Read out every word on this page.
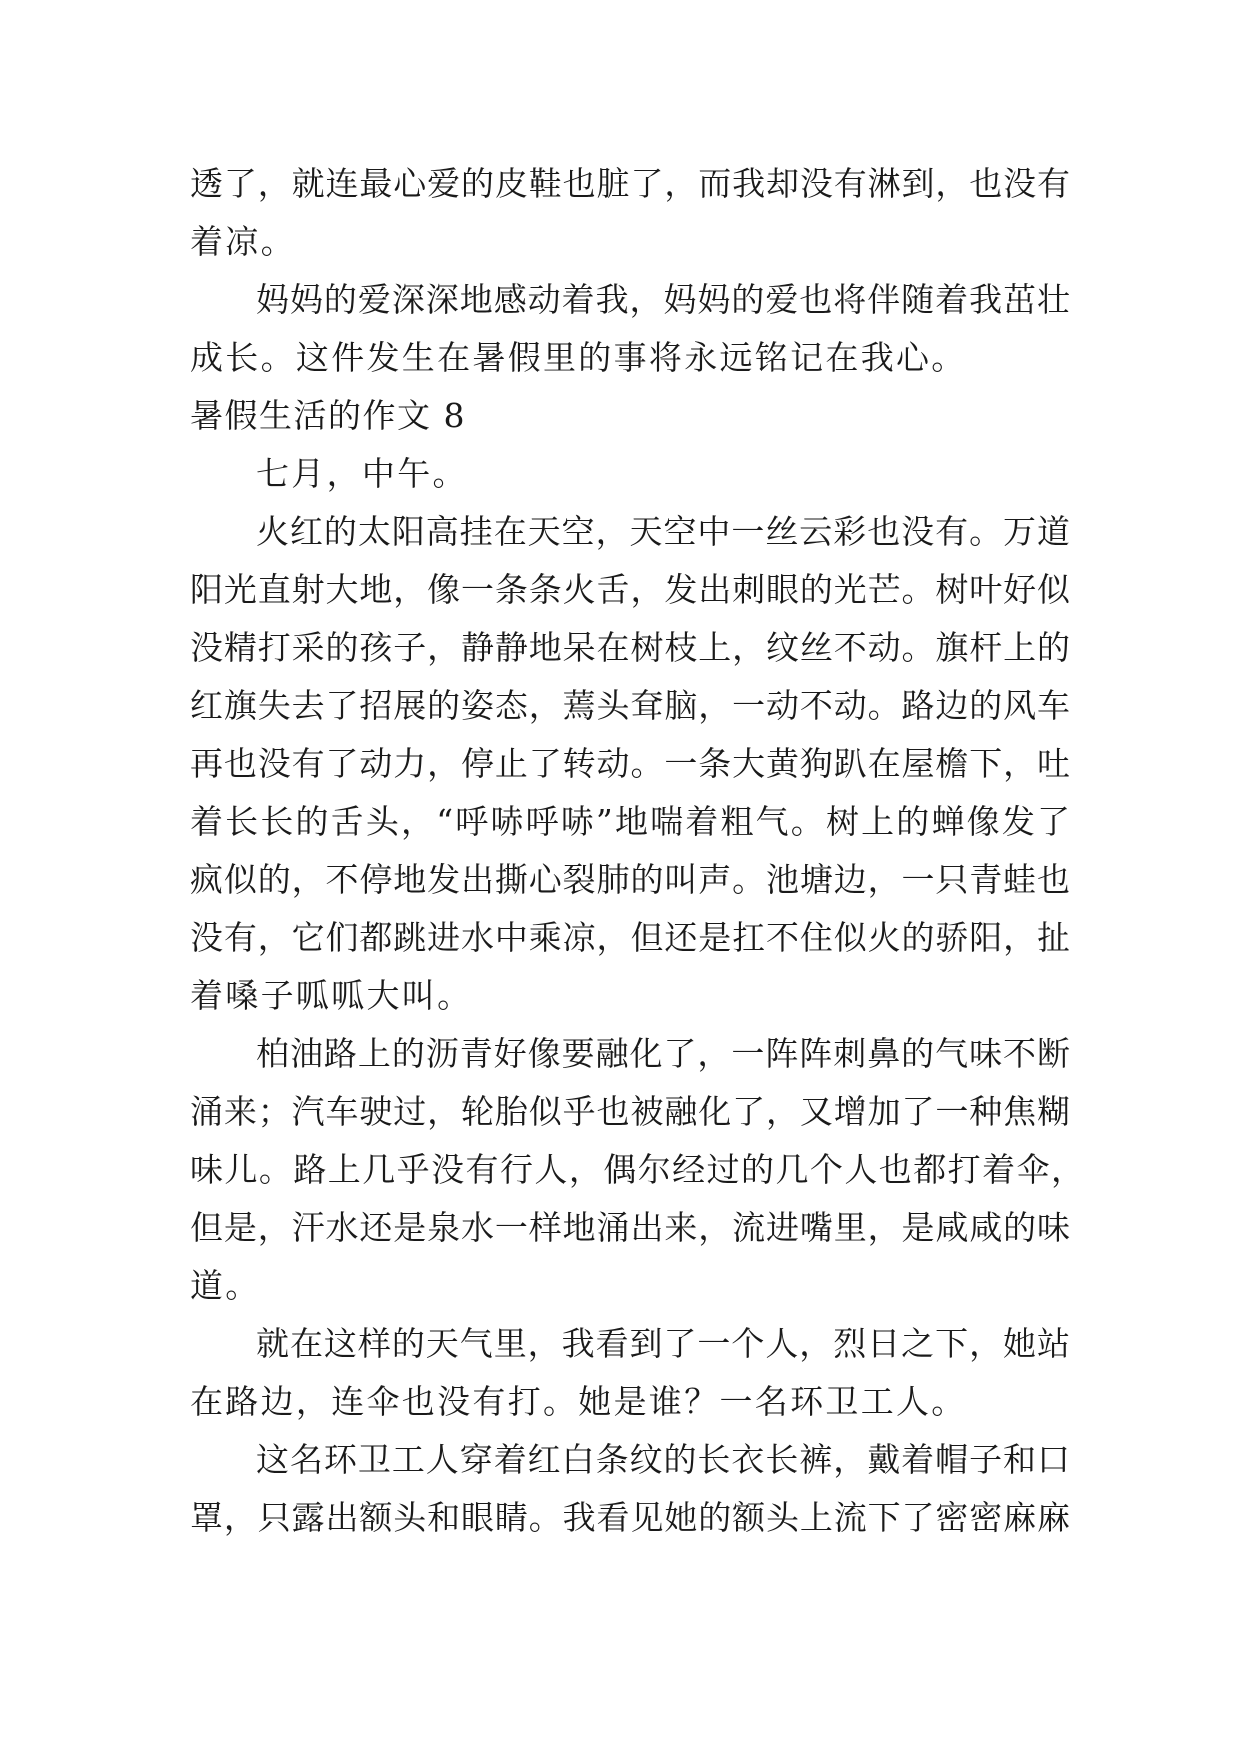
透了，就连最心爱的皮鞋也脏了，而我却没有淋到，也没有
着凉。
妈妈的爱深深地感动着我，妈妈的爱也将伴随着我茁壮
成长。这件发生在暑假里的事将永远铭记在我心。
暑假生活的作文 8
七月，中午。
火红的太阳高挂在天空，天空中一丝云彩也没有。万道
阳光直射大地，像一条条火舌，发出刺眼的光芒。树叶好似
没精打采的孩子，静静地呆在树枝上，纹丝不动。旗杆上的
红旗失去了招展的姿态，蔫头耷脑，一动不动。路边的风车
再也没有了动力，停止了转动。一条大黄狗趴在屋檐下，吐
着长长的舌头，“呼哧呼哧”地喘着粗气。树上的蝉像发了
疯似的，不停地发出撕心裂肺的叫声。池塘边，一只青蛙也
没有，它们都跳进水中乘凉，但还是扛不住似火的骄阳，扯
着嗓子呱呱大叫。
柏油路上的沥青好像要融化了，一阵阵刺鼻的气味不断
涌来；汽车驶过，轮胎似乎也被融化了，又增加了一种焦糊
味儿。路上几乎没有行人，偶尔经过的几个人也都打着伞，
但是，汗水还是泉水一样地涌出来，流进嘴里，是咸咸的味
道。
就在这样的天气里，我看到了一个人，烈日之下，她站
在路边，连伞也没有打。她是谁？一名环卫工人。
这名环卫工人穿着红白条纹的长衣长裤，戴着帽子和口
罩，只露出额头和眼睛。我看见她的额头上流下了密密麻麻
